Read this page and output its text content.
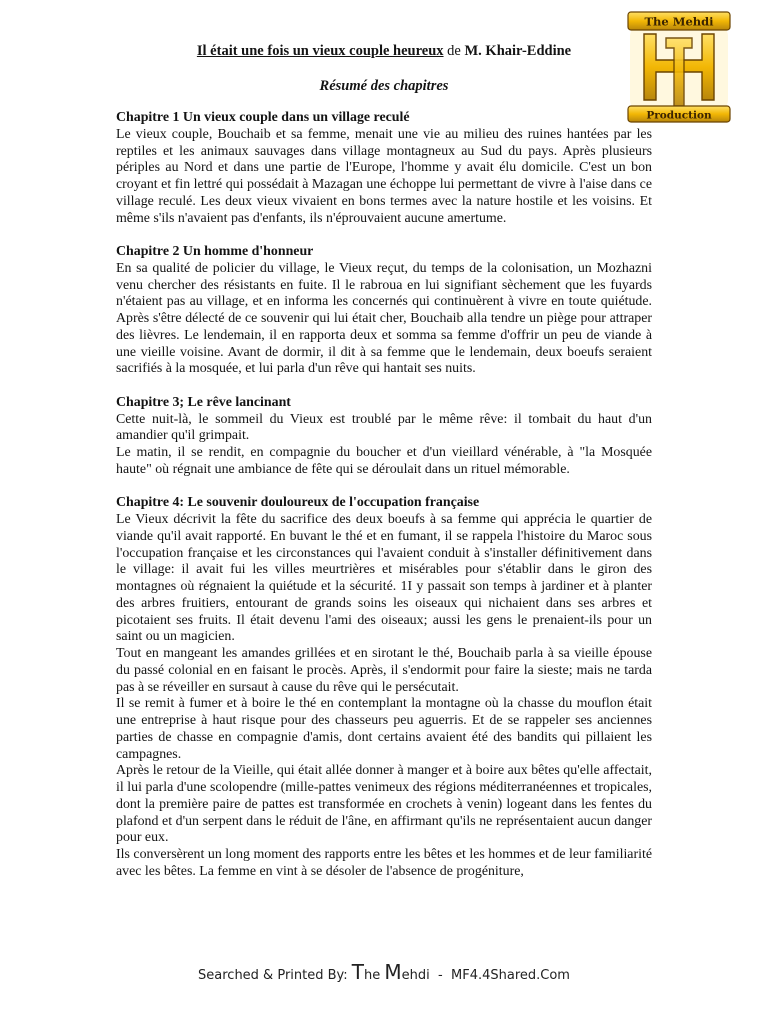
The Mehdi
Production
Il était une fois un vieux couple heureux de M. Khair-Eddine
Résumé des chapitres
Chapitre 1 Un vieux couple dans un village reculé

Le vieux couple, Bouchaib et sa femme, menait une vie au milieu des ruines hantées par les reptiles et les animaux sauvages dans village montagneux au Sud du pays. Après plusieurs périples au Nord et dans une partie de l'Europe, l'homme y avait élu domicile. C'est un bon croyant et fin lettré qui possédait à Mazagan une échoppe lui permettant de vivre à l'aise dans ce village reculé. Les deux vieux vivaient en bons termes avec la nature hostile et les voisins. Et même s'ils n'avaient pas d'enfants, ils n'éprouvaient aucune amertume.

Chapitre 2 Un homme d'honneur

En sa qualité de policier du village, le Vieux reçut, du temps de la colonisation, un Mozhazni venu chercher des résistants en fuite. Il le rabroua en lui signifiant sèchement que les fuyards n'étaient pas au village, et en informa les concernés qui continuèrent à vivre en toute quiétude. Après s'être délecté de ce souvenir qui lui était cher, Bouchaib alla tendre un piège pour attraper des lièvres. Le lendemain, il en rapporta deux et somma sa femme d'offrir un peu de viande à une vieille voisine. Avant de dormir, il dit à sa femme que le lendemain, deux boeufs seraient sacrifiés à la mosquée, et lui parla d'un rêve qui hantait ses nuits.

Chapitre 3; Le rêve lancinant

Cette nuit-là, le sommeil du Vieux est troublé par le même rêve: il tombait du haut d'un amandier qu'il grimpait.

Le matin, il se rendit, en compagnie du boucher et d'un vieillard vénérable, à "la Mosquée haute" où régnait une ambiance de fête qui se déroulait dans un rituel mémorable.

Chapitre 4: Le souvenir douloureux de l'occupation française

Le Vieux décrivit la fête du sacrifice des deux boeufs à sa femme qui apprécia le quartier de viande qu'il avait rapporté. En buvant le thé et en fumant, il se rappela l'histoire du Maroc sous l'occupation française et les circonstances qui l'avaient conduit à s'installer définitivement dans le village: il avait fui les villes meurtrières et misérables pour s'établir dans le giron des montagnes où régnaient la quiétude et la sécurité. 1I y passait son temps à jardiner et à planter des arbres fruitiers, entourant de grands soins les oiseaux qui nichaient dans ses arbres et picotaient ses fruits. Il était devenu l'ami des oiseaux; aussi les gens le prenaient-ils pour un saint ou un magicien.

Tout en mangeant les amandes grillées et en sirotant le thé, Bouchaib parla à sa vieille épouse du passé colonial en en faisant le procès. Après, il s'endormit pour faire la sieste; mais ne tarda pas à se réveiller en sursaut à cause du rêve qui le persécutait.

Il se remit à fumer et à boire le thé en contemplant la montagne où la chasse du mouflon était une entreprise à haut risque pour des chasseurs peu aguerris. Et de se rappeler ses anciennes parties de chasse en compagnie d'amis, dont certains avaient été des bandits qui pillaient les campagnes.

Après le retour de la Vieille, qui était allée donner à manger et à boire aux bêtes qu'elle affectait, il lui parla d'une scolopendre (mille-pattes venimeux des régions méditerranéennes et tropicales, dont la première paire de pattes est transformée en crochets à venin) logeant dans les fentes du plafond et d'un serpent dans le réduit de l'âne, en affirmant qu'ils ne représentaient aucun danger pour eux.

Ils conversèrent un long moment des rapports entre les bêtes et les hommes et de leur familiarité avec les bêtes. La femme en vint à se désoler de l'absence de progéniture,

Searched & Printed By: The Mehdi  -  MF4.4Shared.Com
